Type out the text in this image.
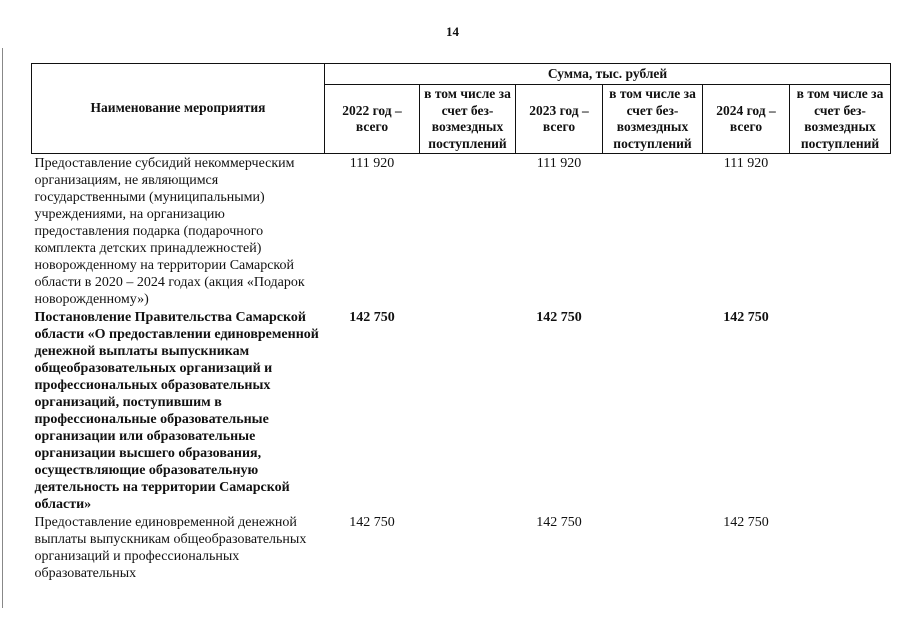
14
Наименование мероприятия	Сумма, тыс. рублей					
	2022 год – всего	в том числе за счет без-возмездных поступлений	2023 год – всего	в том числе за счет без-возмездных поступлений	2024 год – всего	в том числе за счет без-возмездных поступлений
Предоставление субсидий некоммерческим организациям, не являющимся государственными (муниципальными) учреждениями, на организацию предоставления подарка (подарочного комплекта детских принадлежностей) новорожденному на территории Самарской области в 2020 – 2024 годах (акция «Подарок новорожденному»)	111 920		111 920		111 920	
Постановление Правительства Самарской области «О предоставлении единовременной денежной выплаты выпускникам общеобразовательных организаций и профессиональных образовательных организаций, поступившим в профессиональные образовательные организации или образовательные организации высшего образования, осуществляющие образовательную деятельность на территории Самарской области»	142 750		142 750		142 750	
Предоставление единовременной денежной выплаты выпускникам общеобразовательных организаций и профессиональных образовательных	142 750		142 750		142 750	
